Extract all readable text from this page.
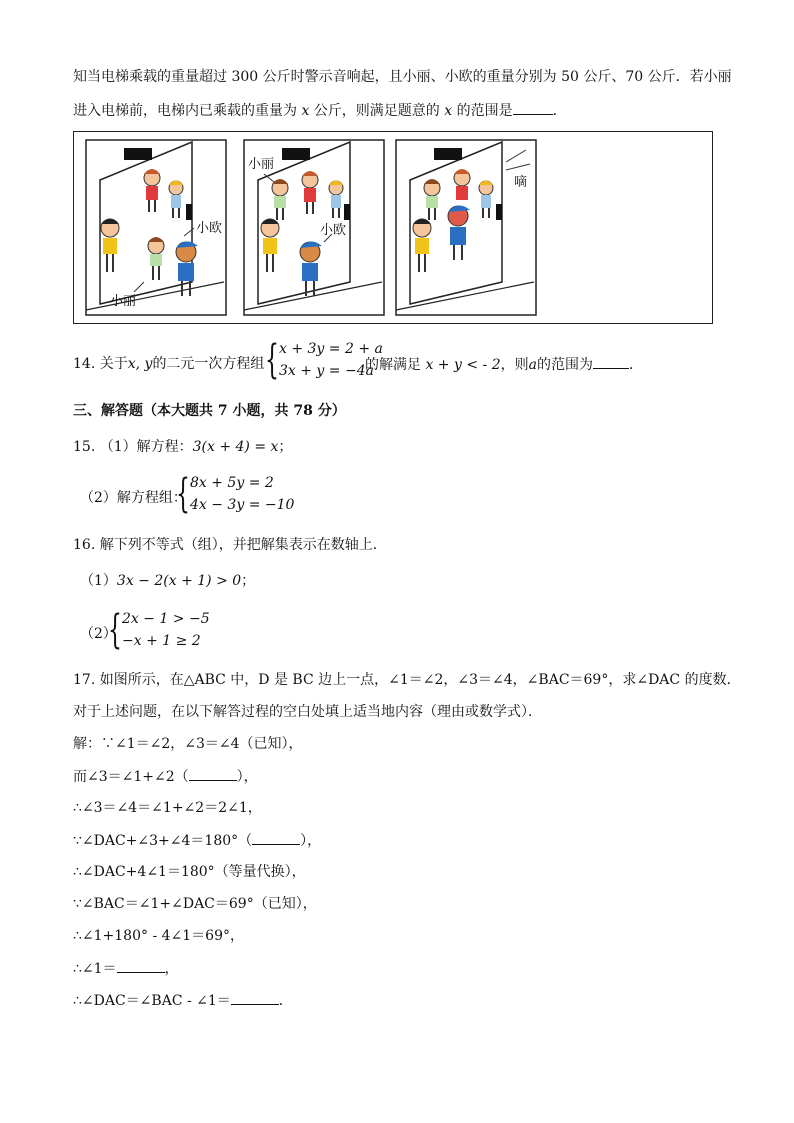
知当电梯乘载的重量超过 300 公斤时警示音响起，且小丽、小欧的重量分别为 50 公斤、70 公斤．若小丽
进入电梯前，电梯内已乘载的重量为 x 公斤，则满足题意的 x 的范围是	．
小欧
小丽
小丽
小欧
嘀
14. 关于x, y的二元一次方程组 { x + 3y = 2 + a
3x + y = −4a
的解满足 x + y < - 2，则a的范围为	．
三、解答题（本大题共 7 小题，共 78 分）
15. （1）解方程：3(x + 4) = x；
（2）解方程组：
{ 8x + 5y = 2
4x − 3y = −10
16. 解下列不等式（组），并把解集表示在数轴上．
（1）3x − 2(x + 1) > 0；
（2）
{ 2x − 1 > −5
−x + 1 ≥ 2
17. 如图所示，在△ABC 中，D 是 BC 边上一点，∠1＝∠2，∠3＝∠4，∠BAC＝69°，求∠DAC 的度数．
对于上述问题，在以下解答过程的空白处填上适当地内容（理由或数学式）．
解：∵∠1＝∠2，∠3＝∠4（已知），
而∠3＝∠1+∠2（	），
∴∠3＝∠4＝∠1+∠2＝2∠1，
∵∠DAC+∠3+∠4＝180°（	），
∴∠DAC+4∠1＝180°（等量代换），
∵∠BAC＝∠1+∠DAC＝69°（已知），
∴∠1+180° - 4∠1＝69°，
∴∠1＝	，
∴∠DAC＝∠BAC - ∠1＝	．
